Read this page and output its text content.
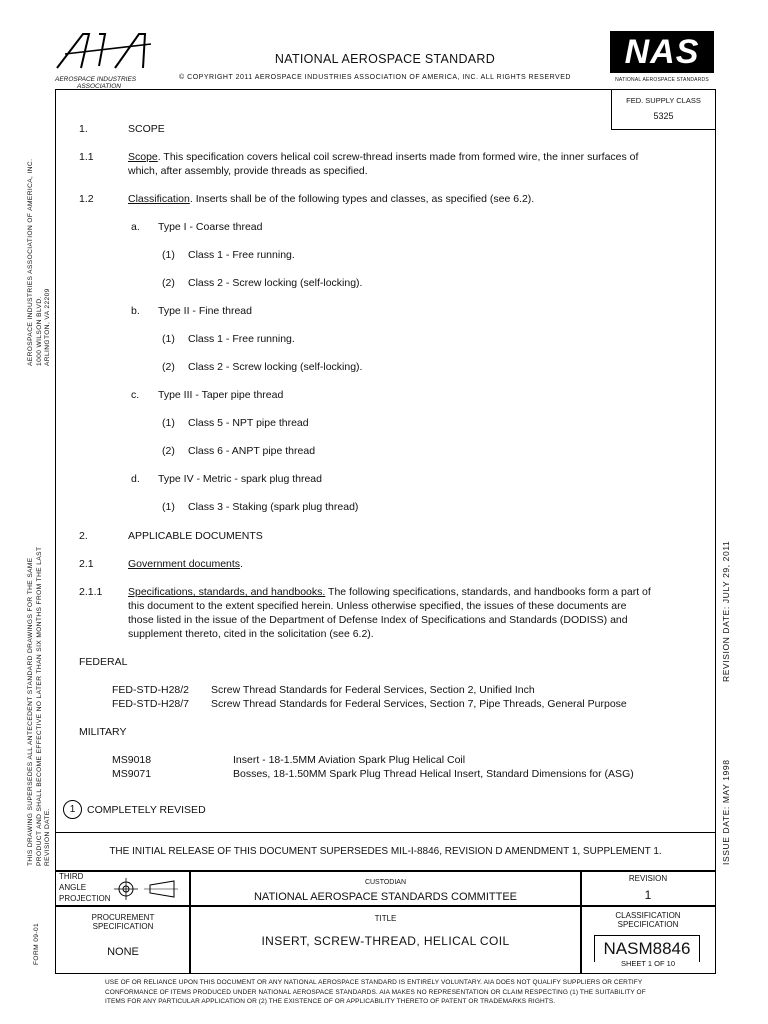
AEROSPACE INDUSTRIES
ASSOCIATION
NATIONAL AEROSPACE STANDARD
© COPYRIGHT 2011 AEROSPACE INDUSTRIES ASSOCIATION OF AMERICA, INC. ALL RIGHTS RESERVED
NAS
NATIONAL AEROSPACE STANDARDS
FED. SUPPLY CLASS
5325
AEROSPACE INDUSTRIES ASSOCIATION OF AMERICA, INC. 1000 WILSON BLVD. ARLINGTON, VA 22209
THIS DRAWING SUPERSEDES ALL ANTECEDENT STANDARD DRAWINGS FOR THE SAME PRODUCT AND SHALL BECOME EFFECTIVE NO LATER THAN SIX MONTHS FROM THE LAST REVISION DATE.
FORM 09-01
REVISION DATE: JULY 29, 2011
ISSUE DATE: MAY 1998
1.	SCOPE
1.1	Scope. This specification covers helical coil screw-thread inserts made from formed wire, the inner surfaces of
which, after assembly, provide threads as specified.
1.2	Classification. Inserts shall be of the following types and classes, as specified (see 6.2).
a. Type I - Coarse thread
(1) Class 1 - Free running.
(2) Class 2 - Screw locking (self-locking).
b. Type II - Fine thread
(1) Class 1 - Free running.
(2) Class 2 - Screw locking (self-locking).
c. Type III - Taper pipe thread
(1) Class 5 - NPT pipe thread
(2) Class 6 - ANPT pipe thread
d. Type IV - Metric - spark plug thread
(1) Class 3 - Staking (spark plug thread)
2.	APPLICABLE DOCUMENTS
2.1	Government documents.
2.1.1 Specifications, standards, and handbooks. The following specifications, standards, and handbooks form a part of
this document to the extent specified herein. Unless otherwise specified, the issues of these documents are
those listed in the issue of the Department of Defense Index of Specifications and Standards (DODISS) and
supplement thereto, cited in the solicitation (see 6.2).
FEDERAL
FED-STD-H28/2 Screw Thread Standards for Federal Services, Section 2, Unified Inch
FED-STD-H28/7 Screw Thread Standards for Federal Services, Section 7, Pipe Threads, General Purpose
MILITARY
MS9018	Insert - 18-1.5MM Aviation Spark Plug Helical Coil
MS9071	Bosses, 18-1.50MM Spark Plug Thread Helical Insert, Standard Dimensions for (ASG)
1	COMPLETELY REVISED
THE INITIAL RELEASE OF THIS DOCUMENT SUPERSEDES MIL-I-8846, REVISION D AMENDMENT 1, SUPPLEMENT 1.
THIRD
ANGLE
PROJECTION
CUSTODIAN
NATIONAL AEROSPACE STANDARDS COMMITTEE
REVISION
1
PROCUREMENT
SPECIFICATION
NONE
TITLE
INSERT, SCREW-THREAD, HELICAL COIL
CLASSIFICATION
SPECIFICATION
NASM8846
SHEET 1 OF 10
USE OF OR RELIANCE UPON THIS DOCUMENT OR ANY NATIONAL AEROSPACE STANDARD IS ENTIRELY VOLUNTARY. AIA DOES NOT QUALIFY SUPPLIERS OR CERTIFY
CONFORMANCE OF ITEMS PRODUCED UNDER NATIONAL AEROSPACE STANDARDS. AIA MAKES NO REPRESENTATION OR CLAIM RESPECTING (1) THE SUITABILITY OF
ITEMS FOR ANY PARTICULAR APPLICATION OR (2) THE EXISTENCE OF OR APPLICABILITY THERETO OF PATENT OR TRADEMARKS RIGHTS.
